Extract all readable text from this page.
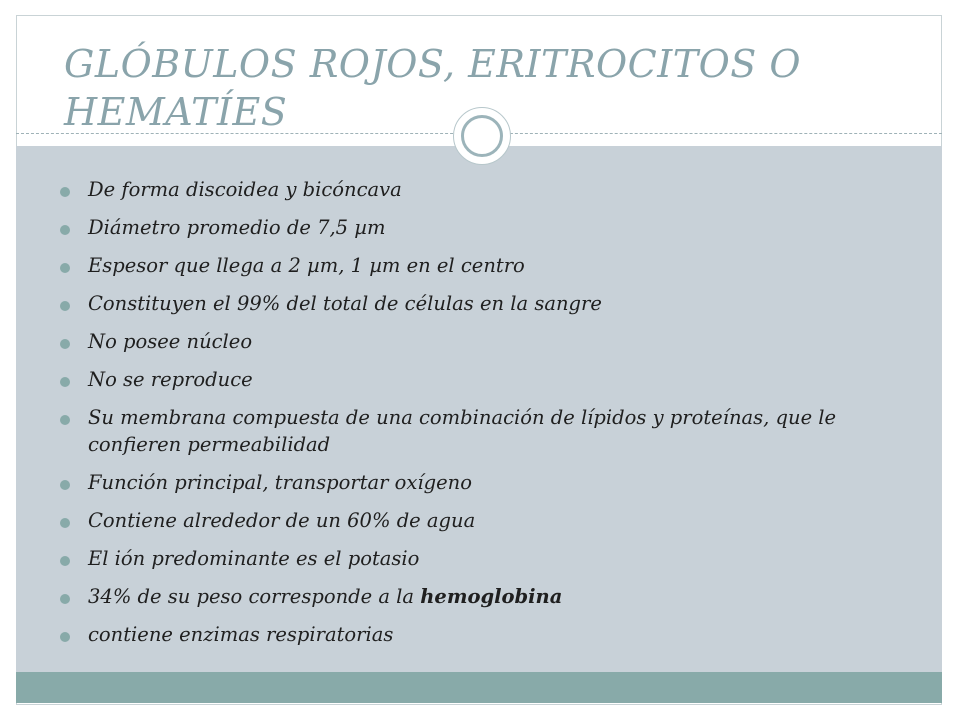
GLÓBULOS ROJOS, ERITROCITOS O HEMATÍES
De forma discoidea y bicóncava
Diámetro promedio de 7,5 µm
Espesor que llega a 2 µm, 1 µm en el centro
Constituyen el 99% del total de células en la sangre
No posee núcleo
No se reproduce
Su membrana compuesta de una combinación de lípidos y proteínas, que le confieren permeabilidad
Función principal, transportar oxígeno
Contiene alrededor de un 60% de agua
El ión predominante es el potasio
34% de su peso corresponde a la hemoglobina
contiene enzimas respiratorias
